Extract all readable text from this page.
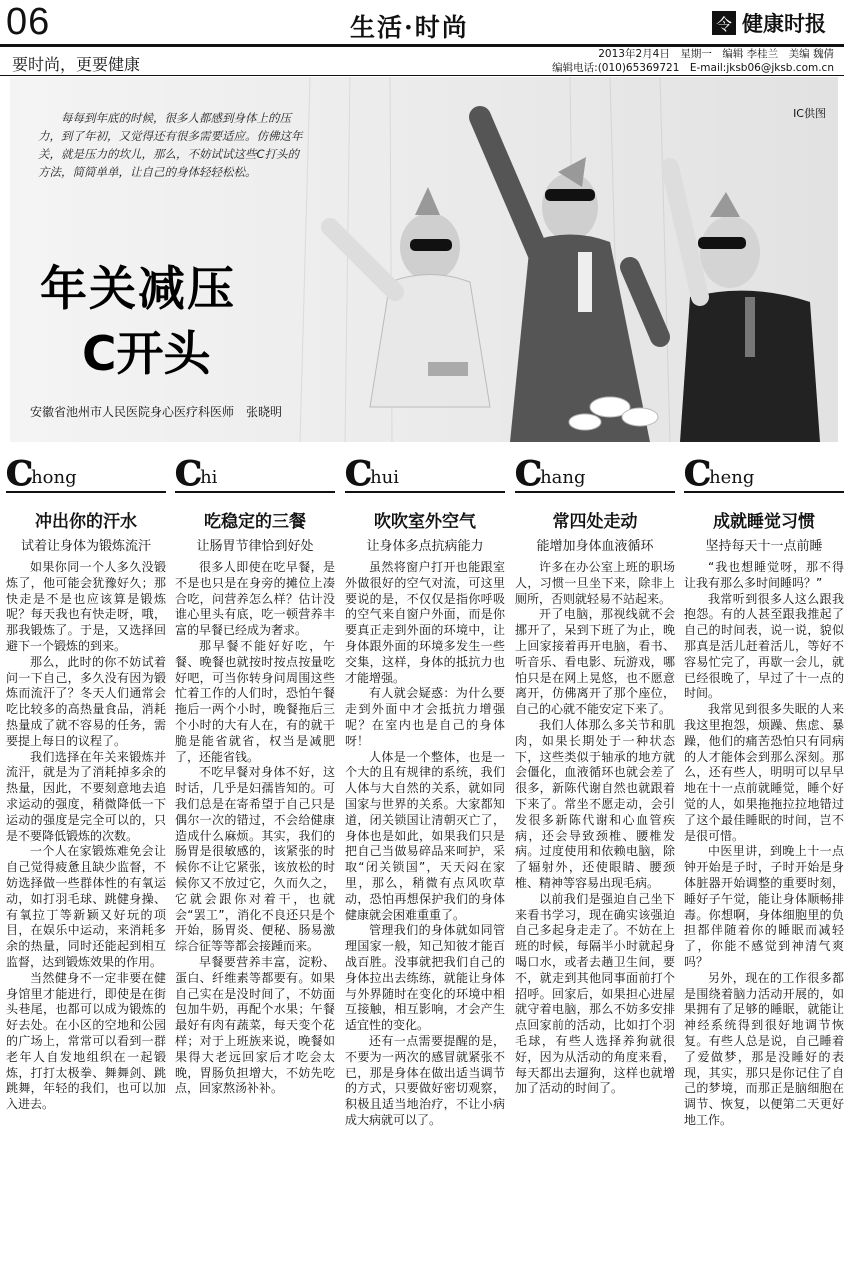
06	生活·时尚	令 健康时报
要时尚，更要健康
2013年2月4日　星期一　编辑 李桂兰　美编 魏倩
编辑电话:(010)65369721　E-mail:jksb06@jksb.com.cn
每每到年底的时候，很多人都感到身体上的压力，到了年初，又觉得还有很多需要适应。仿佛这年关，就是压力的坎儿，那么，不妨试试这些C打头的方法，简简单单，让自己的身体轻轻松松。
年关减压
C开头
IC供图
安徽省池州市人民医院身心医疗科医师　张晓明
C
hong
冲出你的汗水
试着让身体为锻炼流汗

如果你同一个人多久没锻炼了，他可能会犹豫好久；那快走是不是也应该算是锻炼呢？每天我也有快走呀，哦，那我锻炼了。于是，又选择回避下一个锻炼的到来。

那么，此时的你不妨试着问一下自己，多久没有因为锻炼而流汗了？冬天人们通常会吃比较多的高热量食品，消耗热量成了就不容易的任务，需要提上每日的议程了。

我们选择在年关来锻炼并流汗，就是为了消耗掉多余的热量，因此，不要刻意地去追求运动的强度，稍微降低一下运动的强度是完全可以的，只是不要降低锻炼的次数。

一个人在家锻炼难免会让自己觉得疲惫且缺少监督，不妨选择做一些群体性的有氧运动，如打羽毛球、跳健身操、有氧拉丁等新颖又好玩的项目，在娱乐中运动，来消耗多余的热量，同时还能起到相互监督，达到锻炼效果的作用。

当然健身不一定非要在健身馆里才能进行，即使是在街头巷尾，也都可以成为锻炼的好去处。在小区的空地和公园的广场上，常常可以看到一群老年人自发地组织在一起锻炼，打打太极拳、舞舞剑、跳跳舞，年轻的我们，也可以加入进去。

C
hi
吃稳定的三餐
让肠胃节律恰到好处

很多人即使在吃早餐，是不是也只是在身旁的摊位上凑合吃，问营养怎么样？估计没谁心里头有底，吃一顿营养丰富的早餐已经成为奢求。

那早餐不能好好吃，午餐、晚餐也就按时按点按量吃好吧，可当你转身问周围这些忙着工作的人们时，恐怕午餐拖后一两个小时，晚餐拖后三个小时的大有人在，有的就干脆是能省就省，权当是减肥了，还能省钱。

不吃早餐对身体不好，这时话，几乎是妇孺皆知的。可我们总是在寄希望于自己只是偶尔一次的错过，不会给健康造成什么麻烦。其实，我们的肠胃是很敏感的，该紧张的时候你不让它紧张，该放松的时候你又不放过它，久而久之，它就会跟你对着干，也就会“罢工”，消化不良还只是个开始，肠胃炎、便秘、肠易激综合征等等都会接踵而来。

早餐要营养丰富，淀粉、蛋白、纤维素等都要有。如果自己实在是没时间了，不妨面包加牛奶，再配个水果；午餐最好有肉有蔬菜，每天变个花样；对于上班族来说，晚餐如果得大老远回家后才吃会太晚，胃肠负担增大，不妨先吃点，回家熬汤补补。

C
hui
吹吹室外空气
让身体多点抗病能力

虽然将窗户打开也能跟室外做很好的空气对流，可这里要说的是，不仅仅是指你呼吸的空气来自窗户外面，而是你要真正走到外面的环境中，让身体跟外面的环境多发生一些交集，这样，身体的抵抗力也才能增强。

有人就会疑惑：为什么要走到外面中才会抵抗力增强呢？在室内也是自己的身体呀！

人体是一个整体，也是一个大的且有规律的系统，我们人体与大自然的关系，就如同国家与世界的关系。大家都知道，闭关锁国让清朝灭亡了，身体也是如此，如果我们只是把自己当做易碎品来呵护，采取“闭关锁国”，天天闷在家里，那么，稍微有点风吹草动，恐怕再想保护我们的身体健康就会困难重重了。

管理我们的身体就如同管理国家一般，知己知彼才能百战百胜。没事就把我们自己的身体拉出去练练，就能让身体与外界随时在变化的环境中相互接触，相互影响，才会产生适宜性的变化。

还有一点需要提醒的是，不要为一两次的感冒就紧张不已，那是身体在做出适当调节的方式，只要做好密切观察，积极且适当地治疗，不让小病成大病就可以了。

C
hang
常四处走动
能增加身体血液循环

许多在办公室上班的职场人，习惯一旦坐下来，除非上厕所，否则就轻易不站起来。

开了电脑，那视线就不会挪开了，呆到下班了为止，晚上回家接着再开电脑，看书、听音乐、看电影、玩游戏，哪怕只是在网上晃悠，也不愿意离开，仿佛离开了那个座位，自己的心就不能安定下来了。

我们人体那么多关节和肌肉，如果长期处于一种状态下，这些类似于轴承的地方就会僵化，血液循环也就会差了很多，新陈代谢自然也就跟着下来了。常坐不愿走动，会引发很多新陈代谢和心血管疾病，还会导致颈椎、腰椎发病。过度使用和依赖电脑，除了辐射外，还使眼睛、腰颈椎、精神等容易出现毛病。

以前我们是强迫自己坐下来看书学习，现在确实该强迫自己多起身走走了。不妨在上班的时候，每隔半小时就起身喝口水，或者去趟卫生间，要不，就走到其他同事面前打个招呼。回家后，如果担心进屋就守着电脑，那么不妨多安排点回家前的活动，比如打个羽毛球，有些人选择养狗就很好，因为从活动的角度来看，每天都出去遛狗，这样也就增加了活动的时间了。

C
heng
成就睡觉习惯
坚持每天十一点前睡

“我也想睡觉呀，那不得让我有那么多时间睡吗？”

我常听到很多人这么跟我抱怨。有的人甚至跟我推起了自己的时间表，说一说，貌似那真是活儿赶着活儿，等好不容易忙完了，再歇一会儿，就已经很晚了，早过了十一点的时间。

我常见到很多失眠的人来我这里抱怨，烦躁、焦虑、暴躁，他们的痛苦恐怕只有同病的人才能体会到那么深刻。那么，还有些人，明明可以早早地在十一点前就睡觉，睡个好觉的人，如果拖拖拉拉地错过了这个最佳睡眠的时间，岂不是很可惜。

中医里讲，到晚上十一点钟开始是子时，子时开始是身体脏器开始调整的重要时刻，睡好子午觉，能让身体顺畅排毒。你想啊，身体细胞里的负担都伴随着你的睡眠而减轻了，你能不感觉到神清气爽吗？

另外，现在的工作很多都是围绕着脑力活动开展的，如果拥有了足够的睡眠，就能让神经系统得到很好地调节恢复。有些人总是说，自己睡着了爱做梦，那是没睡好的表现，其实，那只是你记住了自己的梦境，而那正是脑细胞在调节、恢复，以便第二天更好地工作。
